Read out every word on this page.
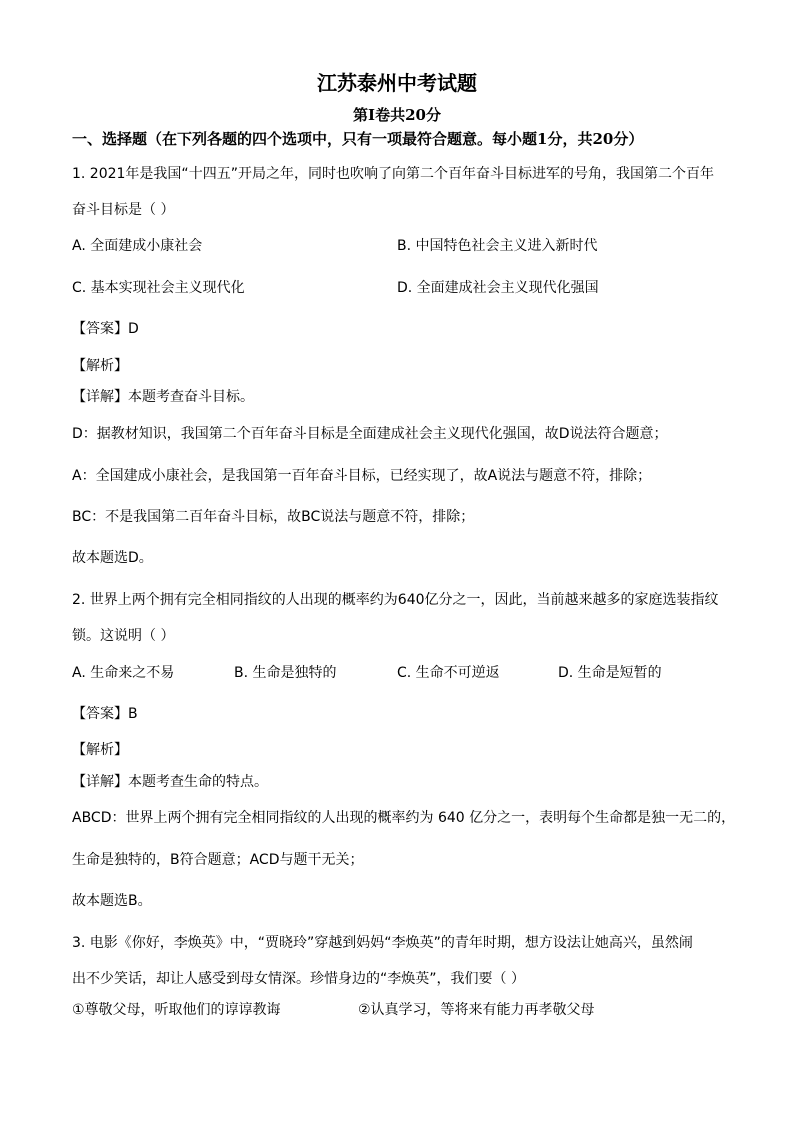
江苏泰州中考试题
第Ⅰ卷共20分
一、选择题（在下列各题的四个选项中，只有一项最符合题意。每小题1分，共20分）
1. 2021年是我国“十四五”开局之年，同时也吹响了向第二个百年奋斗目标进军的号角，我国第二个百年
奋斗目标是（ ）
A. 全面建成小康社会	B. 中国特色社会主义进入新时代
C. 基本实现社会主义现代化	D. 全面建成社会主义现代化强国
【答案】D
【解析】
【详解】本题考查奋斗目标。
D：据教材知识，我国第二个百年奋斗目标是全面建成社会主义现代化强国，故D说法符合题意；
A：全国建成小康社会，是我国第一百年奋斗目标，已经实现了，故A说法与题意不符，排除；
BC：不是我国第二百年奋斗目标，故BC说法与题意不符，排除；
故本题选D。
2. 世界上两个拥有完全相同指纹的人出现的概率约为640亿分之一，因此，当前越来越多的家庭选装指纹
锁。这说明（ ）
A. 生命来之不易	B. 生命是独特的	C. 生命不可逆返	D. 生命是短暂的
【答案】B
【解析】
【详解】本题考查生命的特点。
ABCD：世界上两个拥有完全相同指纹的人出现的概率约为 640 亿分之一，表明每个生命都是独一无二的，
生命是独特的，B符合题意；ACD与题干无关；
故本题选B。
3. 电影《你好，李焕英》中，“贾晓玲”穿越到妈妈“李焕英”的青年时期，想方设法让她高兴，虽然闹
出不少笑话，却让人感受到母女情深。珍惜身边的“李焕英”，我们要（ ）
①尊敬父母，听取他们的谆谆教诲	②认真学习，等将来有能力再孝敬父母
